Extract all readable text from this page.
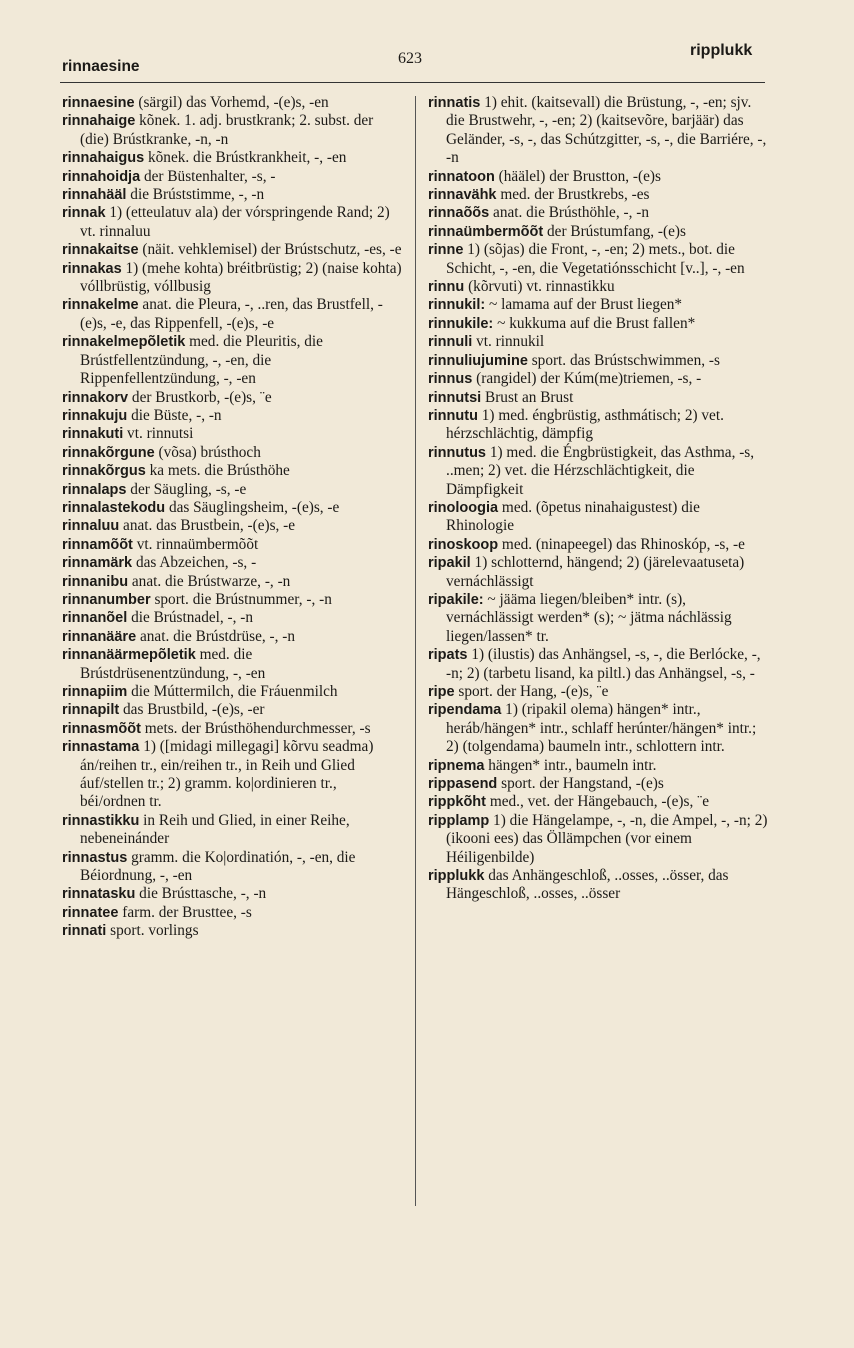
rinnaesine	623	ripplukk

rinnaesine (särgil) das Vorhemd, -(e)s, -en

rinnahaige kõnek. 1. adj. brustkrank; 2. subst. der (die) Brústkranke, -n, -n

rinnahaigus kõnek. die Brústkrankheit, -, -en

rinnahoidja der Büstenhalter, -s, -

rinnahääl die Brúststimme, -, -n

rinnak 1) (etteulatuv ala) der vórspringende Rand; 2) vt. rinnaluu

rinnakaitse (näit. vehklemisel) der Brústschutz, -es, -e

rinnakas 1) (mehe kohta) bréitbrüstig; 2) (naise kohta) vóllbrüstig, vóllbusig

rinnakelme anat. die Pleura, -, ..ren, das Brustfell, -(e)s, -e, das Rippenfell, -(e)s, -e

rinnakelmepõletik med. die Pleuritis, die Brústfellentzündung, -, -en, die Rippenfellentzündung, -, -en

rinnakorv der Brustkorb, -(e)s, ¨e

rinnakuju die Büste, -, -n

rinnakuti vt. rinnutsi

rinnakõrgune (võsa) brústhoch

rinnakõrgus ka mets. die Brústhöhe

rinnalaps der Säugling, -s, -e

rinnalastekodu das Säuglingsheim, -(e)s, -e

rinnaluu anat. das Brustbein, -(e)s, -e

rinnamõõt vt. rinnaümbermõõt

rinnamärk das Abzeichen, -s, -

rinnanibu anat. die Brústwarze, -, -n

rinnanumber sport. die Brústnummer, -, -n

rinnanõel die Brústnadel, -, -n

rinnanääre anat. die Brústdrüse, -, -n

rinnanäärmepõletik med. die Brústdrüsenentzündung, -, -en

rinnapiim die Múttermilch, die Fráuenmilch

rinnapilt das Brustbild, -(e)s, -er

rinnasmõõt mets. der Brústhöhendurchmesser, -s

rinnastama 1) ([midagi millegagi] kõrvu seadma) án/reihen tr., ein/reihen tr., in Reih und Glied áuf/stellen tr.; 2) gramm. ko|ordinieren tr., béi/ordnen tr.

rinnastikku in Reih und Glied, in einer Reihe, nebeneinánder

rinnastus gramm. die Ko|ordinatión, -, -en, die Béiordnung, -, -en

rinnatasku die Brústtasche, -, -n

rinnatee farm. der Brusttee, -s

rinnati sport. vorlings

rinnatis 1) ehit. (kaitsevall) die Brüstung, -, -en; sjv. die Brustwehr, -, -en; 2) (kaitsevõre, barjäär) das Geländer, -s, -, das Schútzgitter, -s, -, die Barriére, -, -n

rinnatoon (häälel) der Brustton, -(e)s

rinnavähk med. der Brustkrebs, -es

rinnaõõs anat. die Brústhöhle, -, -n

rinnaümbermõõt der Brústumfang, -(e)s

rinne 1) (sõjas) die Front, -, -en; 2) mets., bot. die Schicht, -, -en, die Vegetatiónsschicht [v..], -, -en

rinnu (kõrvuti) vt. rinnastikku

rinnukil: ~ lamama auf der Brust liegen*

rinnukile: ~ kukkuma auf die Brust fallen*

rinnuli vt. rinnukil

rinnuliujumine sport. das Brústschwimmen, -s

rinnus (rangidel) der Kúm(me)triemen, -s, -

rinnutsi Brust an Brust

rinnutu 1) med. éngbrüstig, asthmátisch; 2) vet. hérzschlächtig, dämpfig

rinnutus 1) med. die Éngbrüstigkeit, das Asthma, -s, ..men; 2) vet. die Hérzschlächtigkeit, die Dämpfigkeit

rinoloogia med. (õpetus ninahaigustest) die Rhinologie

rinoskoop med. (ninapeegel) das Rhinoskóp, -s, -e

ripakil 1) schlotternd, hängend; 2) (järelevaatuseta) vernáchlässigt

ripakile: ~ jääma liegen/bleiben* intr. (s), vernáchlässigt werden* (s); ~ jätma náchlässig liegen/lassen* tr.

ripats 1) (ilustis) das Anhängsel, -s, -, die Berlócke, -, -n; 2) (tarbetu lisand, ka piltl.) das Anhängsel, -s, -

ripe sport. der Hang, -(e)s, ¨e

ripendama 1) (ripakil olema) hängen* intr., heráb/hängen* intr., schlaff herúnter/hängen* intr.; 2) (tolgendama) baumeln intr., schlottern intr.

ripnema hängen* intr., baumeln intr.

rippasend sport. der Hangstand, -(e)s

rippkõht med., vet. der Hängebauch, -(e)s, ¨e

ripplamp 1) die Hängelampe, -, -n, die Ampel, -, -n; 2) (ikooni ees) das Öllämpchen (vor einem Héiligenbilde)

ripplukk das Anhängeschloß, ..osses, ..össer, das Hängeschloß, ..osses, ..össer
